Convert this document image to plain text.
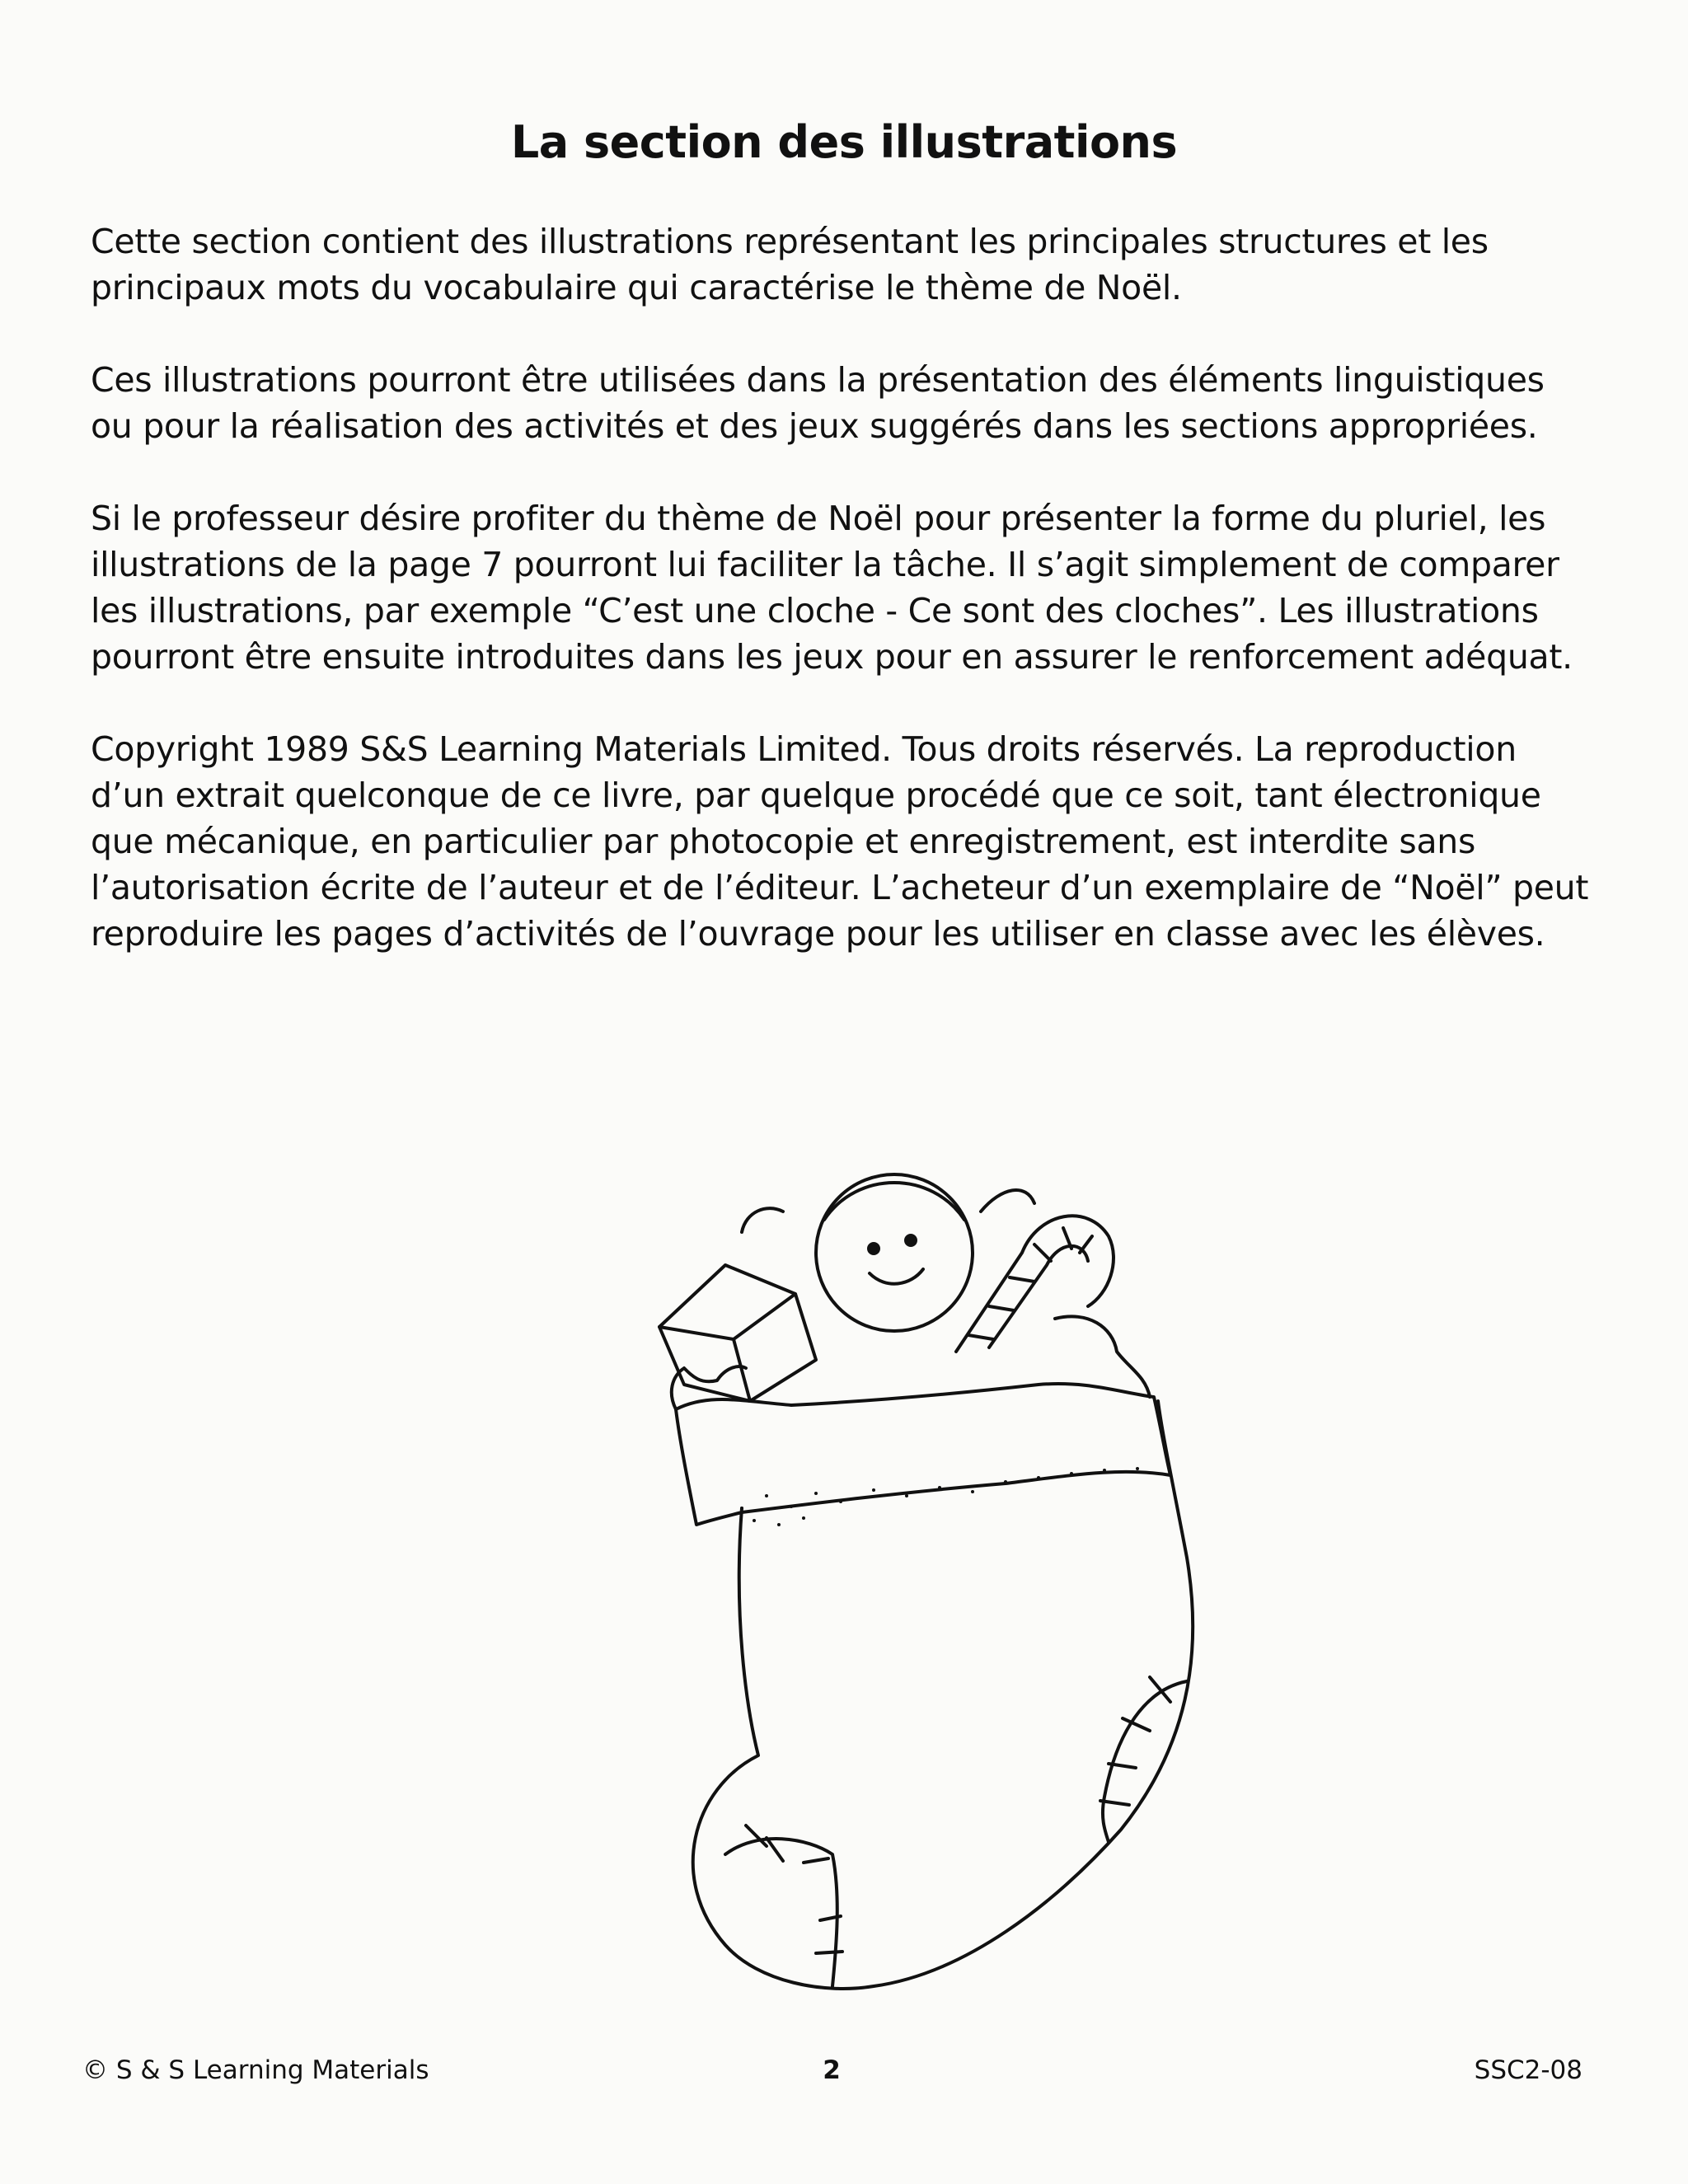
La section des illustrations

Cette section contient des illustrations représentant les principales structures et les principaux mots du vocabulaire qui caractérise le thème de Noël.

Ces illustrations pourront être utilisées dans la présentation des éléments linguistiques ou pour la réalisation des activités et des jeux suggérés dans les sections appropriées.

Si le professeur désire profiter du thème de Noël pour présenter la forme du pluriel, les illustrations de la page 7 pourront lui faciliter la tâche. Il s’agit simplement de comparer les illustrations, par exemple “C’est une cloche - Ce sont des cloches”. Les illustrations pourront être ensuite introduites dans les jeux pour en assurer le renforcement adéquat.

Copyright 1989 S&S Learning Materials Limited. Tous droits réservés. La reproduction d’un extrait quelconque de ce livre, par quelque procédé que ce soit, tant électronique que mécanique, en particulier par photocopie et enregistrement, est interdite sans l’autorisation écrite de l’auteur et de l’éditeur. L’acheteur d’un exemplaire de “Noël” peut reproduire les pages d’activités de l’ouvrage pour les utiliser en classe avec les élèves.

© S & S Learning Materials	2	SSC2-08
